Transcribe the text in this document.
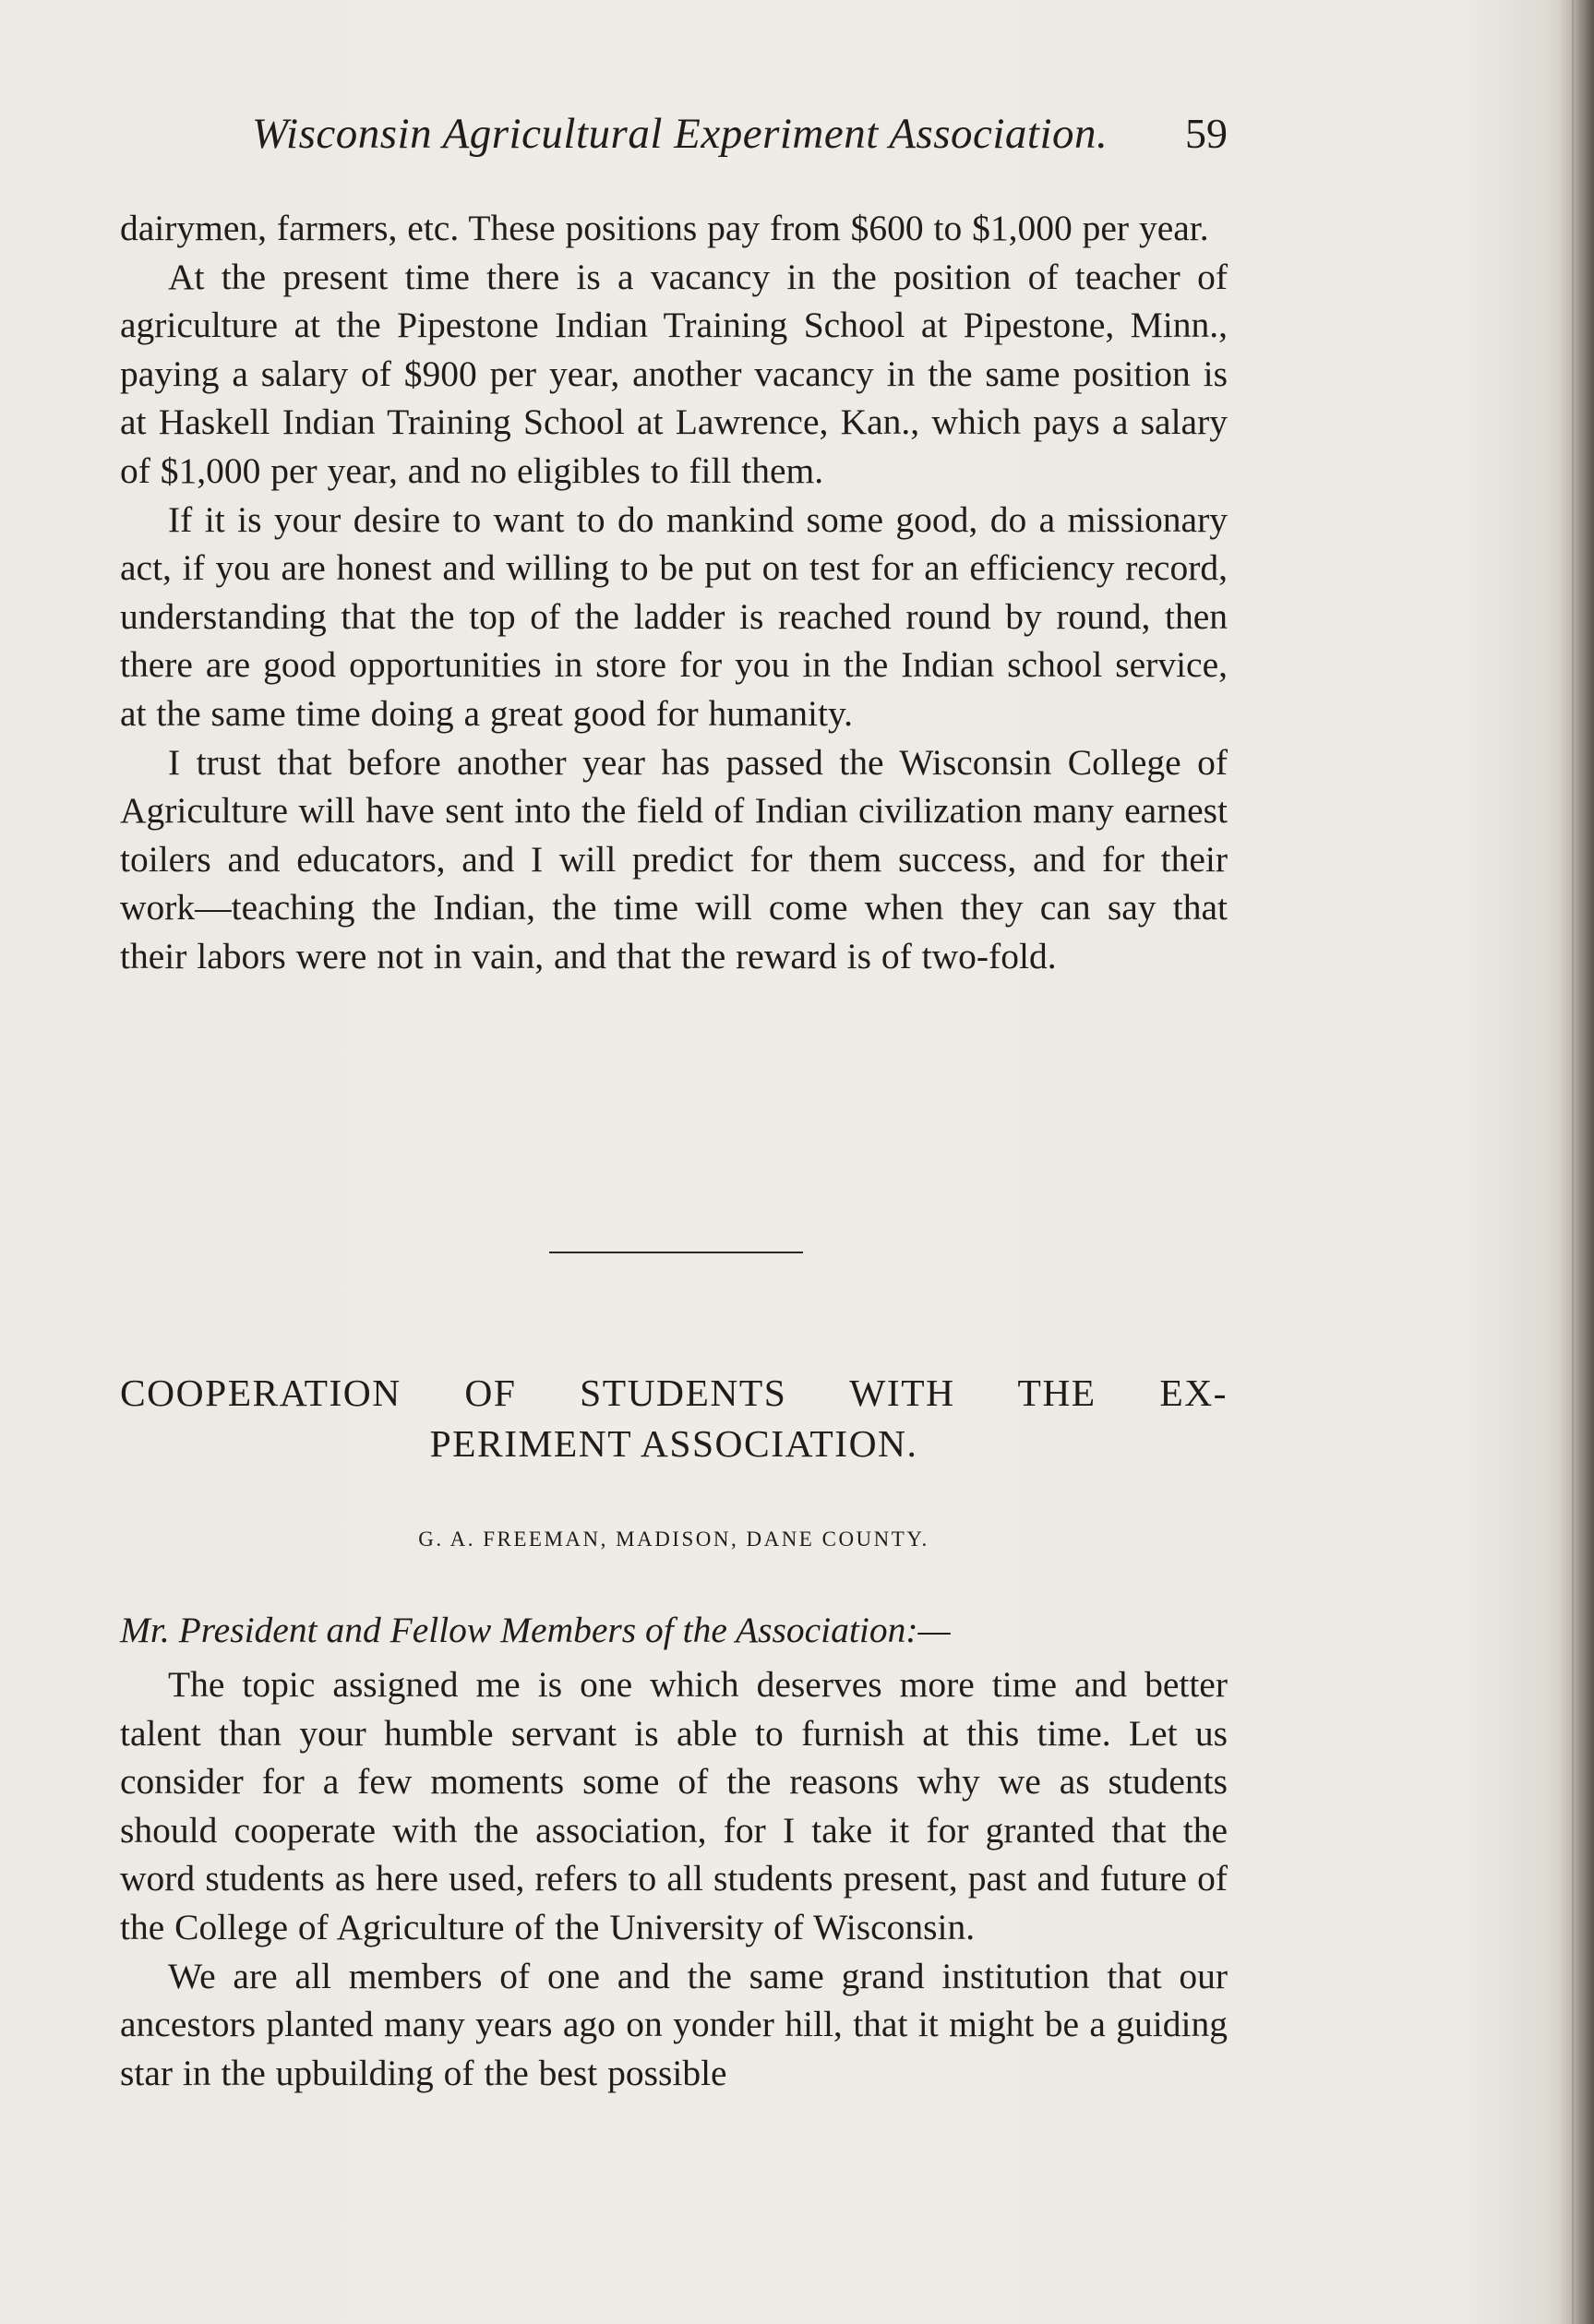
Wisconsin Agricultural Experiment Association. 59

dairymen, farmers, etc. These positions pay from $600 to $1,000 per year.

At the present time there is a vacancy in the position of teacher of agriculture at the Pipestone Indian Training School at Pipestone, Minn., paying a salary of $900 per year, another vacancy in the same position is at Haskell Indian Training School at Lawrence, Kan., which pays a salary of $1,000 per year, and no eligibles to fill them.

If it is your desire to want to do mankind some good, do a missionary act, if you are honest and willing to be put on test for an efficiency record, understanding that the top of the ladder is reached round by round, then there are good opportunities in store for you in the Indian school service, at the same time doing a great good for humanity.

I trust that before another year has passed the Wisconsin College of Agriculture will have sent into the field of Indian civilization many earnest toilers and educators, and I will predict for them success, and for their work—teaching the Indian, the time will come when they can say that their labors were not in vain, and that the reward is of two-fold.

COOPERATION OF STUDENTS WITH THE EX-
PERIMENT ASSOCIATION.
G. A. FREEMAN, MADISON, DANE COUNTY.
Mr. President and Fellow Members of the Association:—

The topic assigned me is one which deserves more time and better talent than your humble servant is able to furnish at this time. Let us consider for a few moments some of the reasons why we as students should cooperate with the association, for I take it for granted that the word students as here used, refers to all students present, past and future of the College of Agriculture of the University of Wisconsin.

We are all members of one and the same grand institution that our ancestors planted many years ago on yonder hill, that it might be a guiding star in the upbuilding of the best possible
